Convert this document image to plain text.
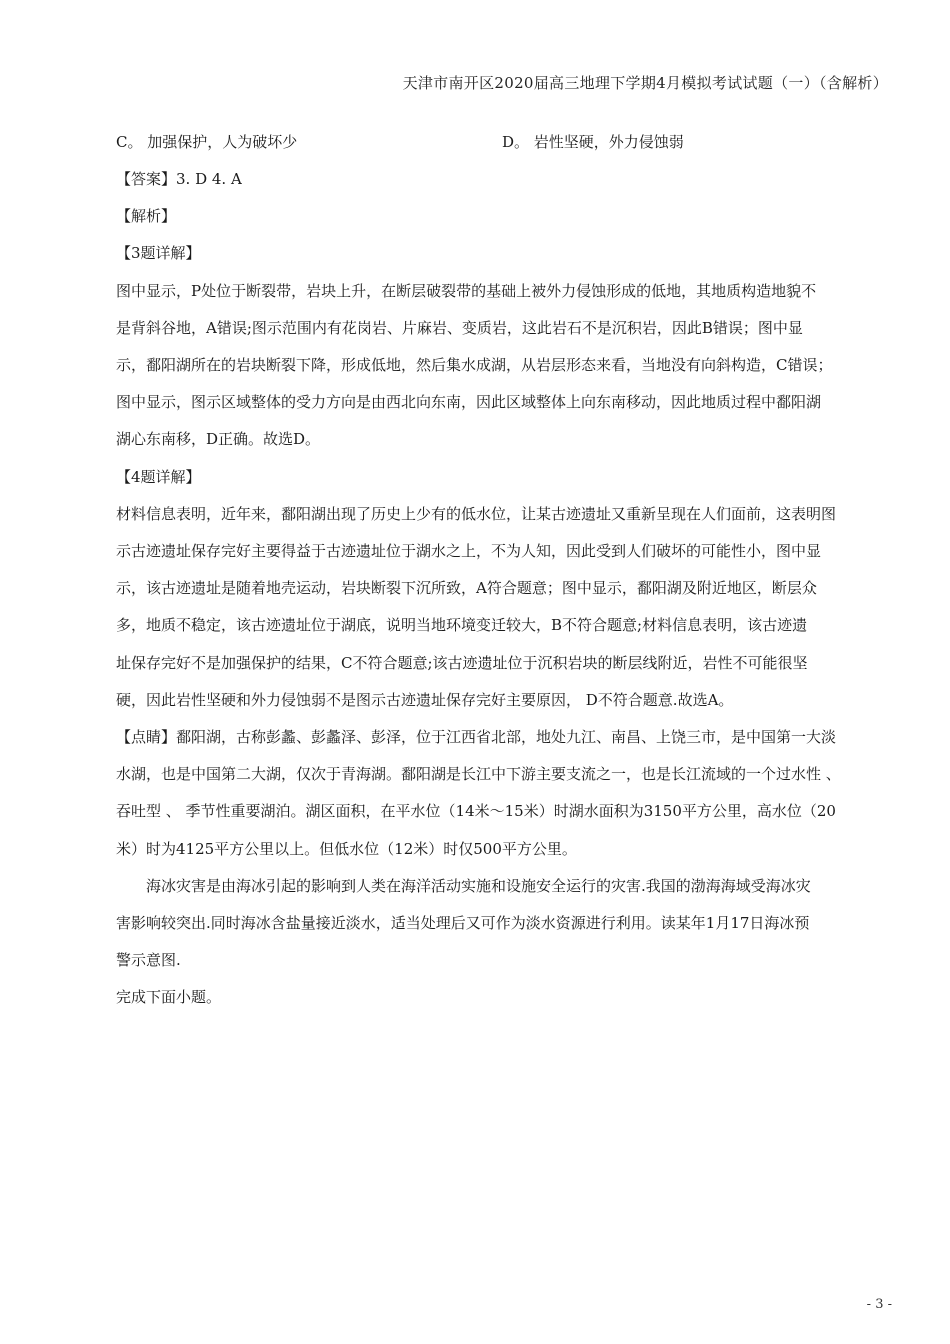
天津市南开区2020届高三地理下学期4月模拟考试试题（一）（含解析）
C。 加强保护，人为破坏少	D。 岩性坚硬，外力侵蚀弱
【答案】3. D 4. A
【解析】
【3题详解】
图中显示，P处位于断裂带，岩块上升，在断层破裂带的基础上被外力侵蚀形成的低地，其地质构造地貌不
是背斜谷地，A错误;图示范围内有花岗岩、片麻岩、变质岩，这此岩石不是沉积岩，因此B错误；图中显
示，鄱阳湖所在的岩块断裂下降，形成低地，然后集水成湖，从岩层形态来看，当地没有向斜构造，C错误；
图中显示，图示区域整体的受力方向是由西北向东南，因此区域整体上向东南移动，因此地质过程中鄱阳湖
湖心东南移，D正确。故选D。
【4题详解】
材料信息表明，近年来，鄱阳湖出现了历史上少有的低水位，让某古迹遗址又重新呈现在人们面前，这表明图
示古迹遗址保存完好主要得益于古迹遗址位于湖水之上，不为人知，因此受到人们破坏的可能性小，图中显
示，该古迹遗址是随着地壳运动，岩块断裂下沉所致，A符合题意；图中显示，鄱阳湖及附近地区，断层众
多，地质不稳定，该古迹遗址位于湖底，说明当地环境变迁较大，B不符合题意;材料信息表明，该古迹遗
址保存完好不是加强保护的结果，C不符合题意;该古迹遗址位于沉积岩块的断层线附近，岩性不可能很坚
硬，因此岩性坚硬和外力侵蚀弱不是图示古迹遗址保存完好主要原因， D不符合题意.故选A。
【点睛】鄱阳湖，古称彭蠡、彭蠡泽、彭泽，位于江西省北部，地处九江、南昌、上饶三市，是中国第一大淡
水湖，也是中国第二大湖，仅次于青海湖。鄱阳湖是长江中下游主要支流之一，也是长江流域的一个过水性 、
吞吐型 、 季节性重要湖泊。湖区面积，在平水位（14米～15米）时湖水面积为3150平方公里，高水位（20
米）时为4125平方公里以上。但低水位（12米）时仅500平方公里。
海冰灾害是由海冰引起的影响到人类在海洋活动实施和设施安全运行的灾害.我国的渤海海域受海冰灾
害影响较突出.同时海冰含盐量接近淡水，适当处理后又可作为淡水资源进行利用。读某年1月17日海冰预
警示意图.
完成下面小题。
- 3 -
